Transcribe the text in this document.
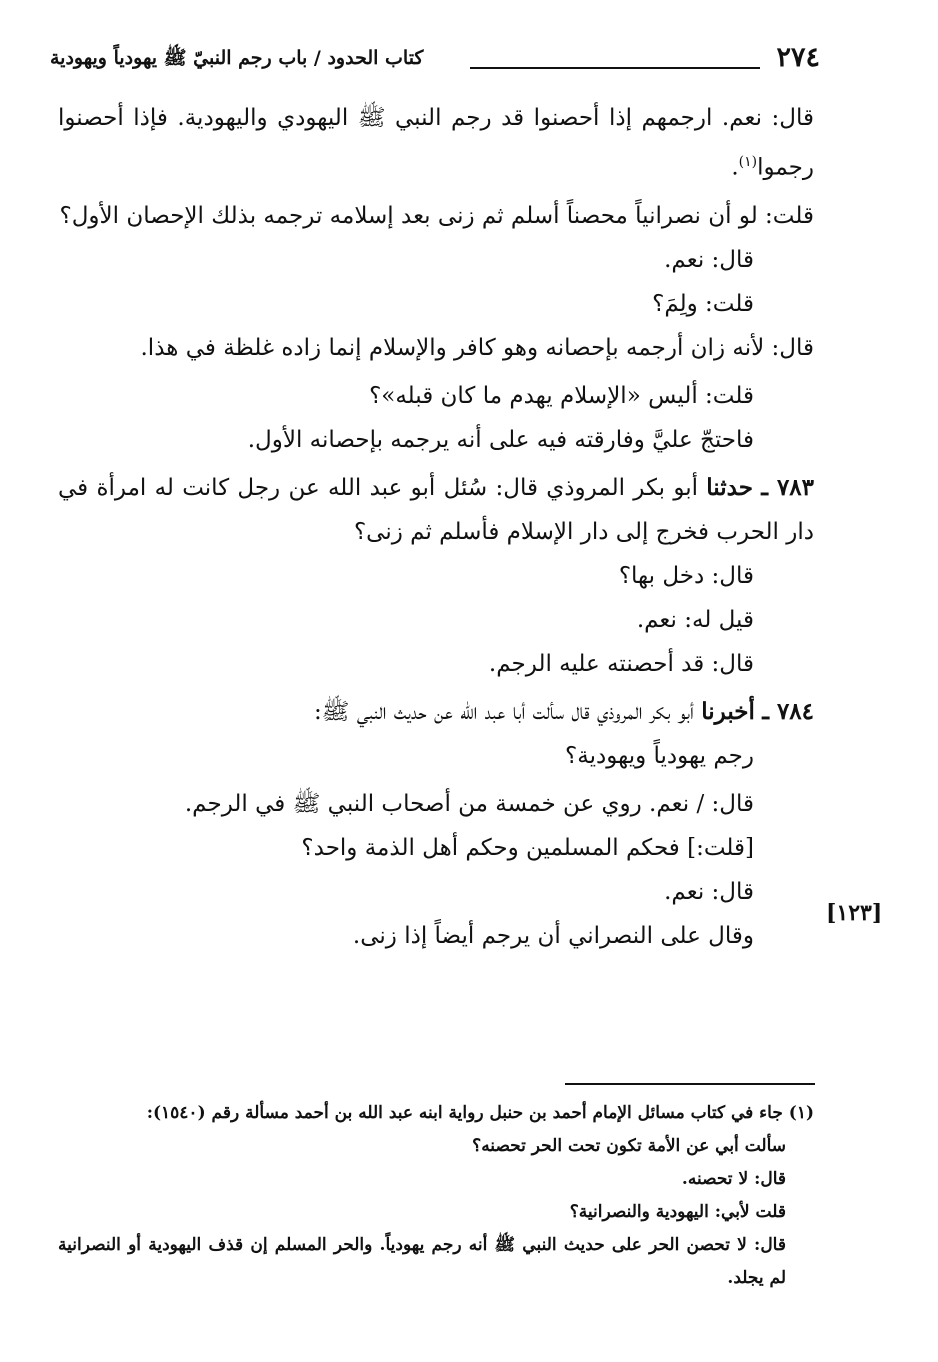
٢٧٤
كتاب الحدود / باب رجم النبيّ ﷺ يهودياً ويهودية

قال: نعم. ارجمهم إذا أحصنوا قد رجم النبي ﷺ اليهودي واليهودية. فإذا أحصنوا رجموا$^{(١)}$.

قلت: لو أن نصرانياً محصناً أسلم ثم زنى بعد إسلامه ترجمه بذلك الإحصان الأول؟

قال: نعم.

قلت: ولِمَ؟

قال: لأنه زان أرجمه بإحصانه وهو كافر والإسلام إنما زاده غلظة في هذا.

قلت: أليس «الإسلام يهدم ما كان قبله»؟

فاحتجّ عليَّ وفارقته فيه على أنه يرجمه بإحصانه الأول.

٧٨٣ ـ حدثنا أبو بكر المروذي قال: سُئل أبو عبد الله عن رجل كانت له امرأة في دار الحرب فخرج إلى دار الإسلام فأسلم ثم زنى؟

قال: دخل بها؟

قيل له: نعم.

قال: قد أحصنته عليه الرجم.

٧٨٤ ـ أخبرنا أبو بكر المروذي قال سألت أبا عبد الله عن حديث النبي ﷺ:

رجم يهودياً ويهودية؟

قال: / نعم. روي عن خمسة من أصحاب النبي ﷺ في الرجم.

[قلت:] فحكم المسلمين وحكم أهل الذمة واحد؟

قال: نعم.

وقال على النصراني أن يرجم أيضاً إذا زنى.

[١٢٣]

(١) جاء في كتاب مسائل الإمام أحمد بن حنبل رواية ابنه عبد الله بن أحمد مسألة رقم (١٥٤٠):

سألت أبي عن الأمة تكون تحت الحر تحصنه؟

قال: لا تحصنه.

قلت لأبي: اليهودية والنصرانية؟

قال: لا تحصن الحر على حديث النبي ﷺ أنه رجم يهودياً. والحر المسلم إن قذف اليهودية أو النصرانية لم يجلد.
